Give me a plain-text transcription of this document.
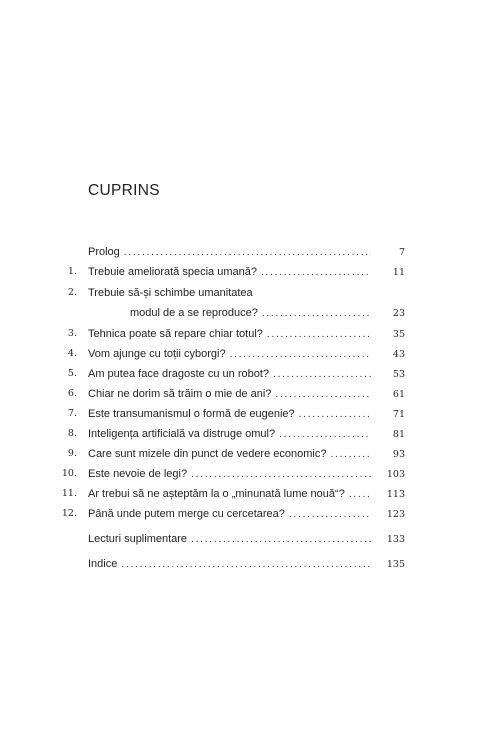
CUPRINS
Prolog . . .	7
1. Trebuie ameliorată specia umană? . . .	11
2. Trebuie să-și schimbe umanitatea
modul de a se reproduce? . . .	23
3. Tehnica poate să repare chiar totul? . . .	35
4. Vom ajunge cu toții cyborgi? . . .	43
5. Am putea face dragoste cu un robot? . . .	53
6. Chiar ne dorim să trăim o mie de ani? . . .	61
7. Este transumanismul o formă de eugenie? . . .	71
8. Inteligența artificială va distruge omul? . . .	81
9. Care sunt mizele din punct de vedere economic? . . .	93
10. Este nevoie de legi? . . .	103
11. Ar trebui să ne așteptăm la o „minunată lume nouă“? . . .	113
12. Până unde putem merge cu cercetarea? . . .	123
Lecturi suplimentare . . .	133
Indice . . .	135
